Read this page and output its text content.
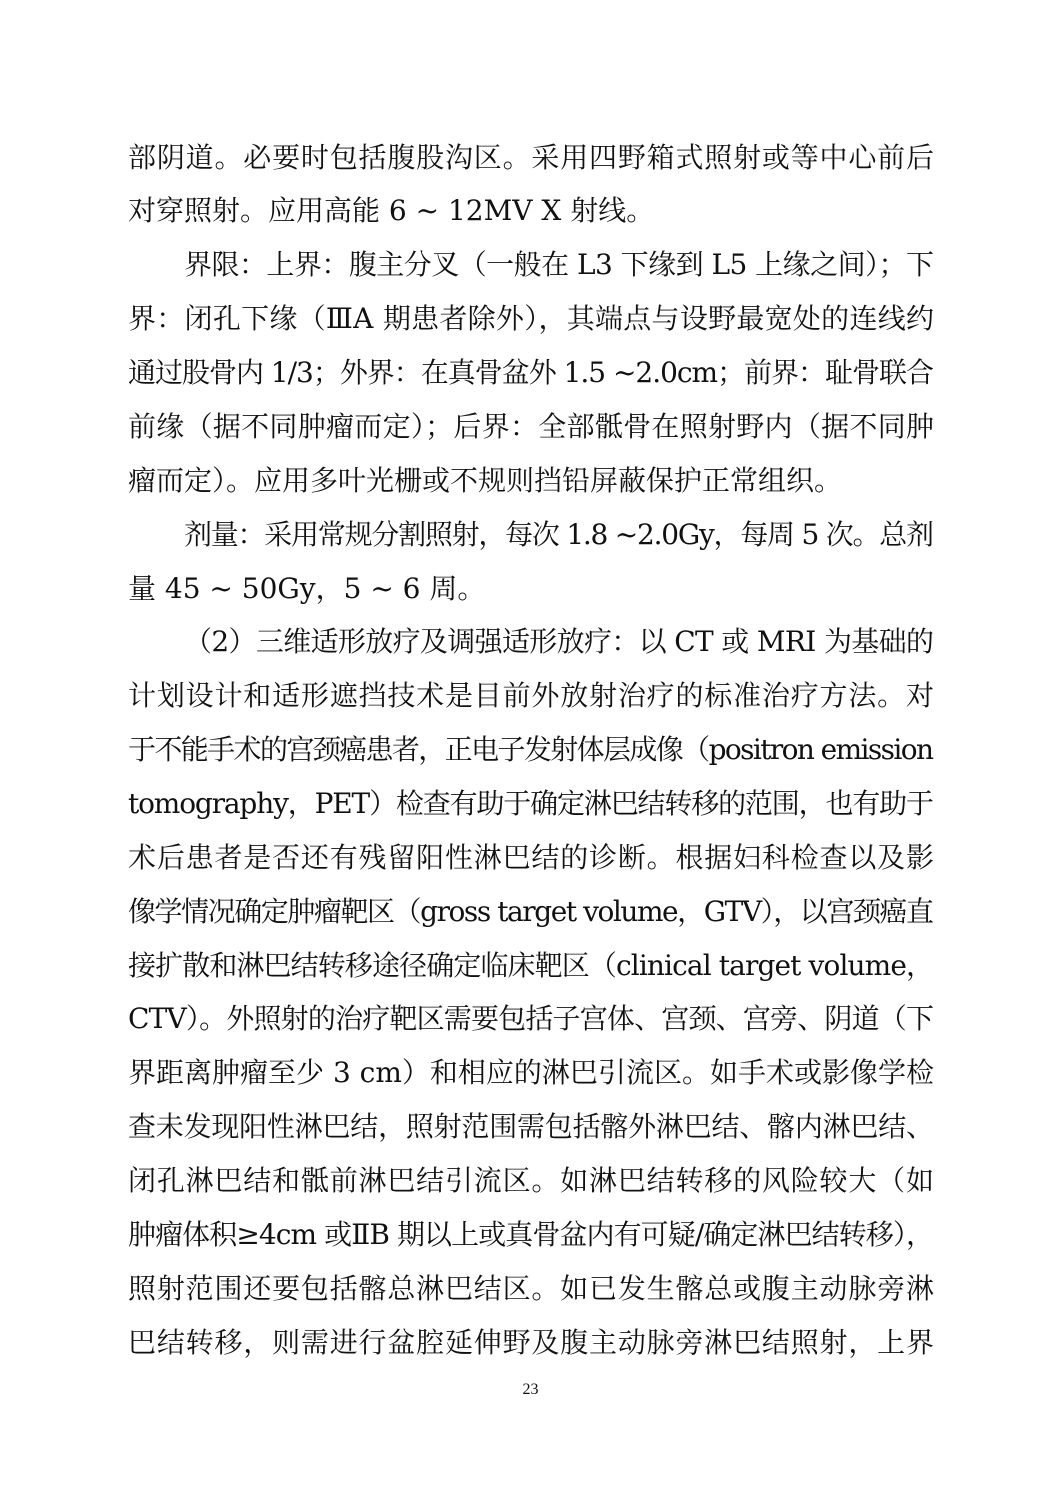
部阴道。必要时包括腹股沟区。采用四野箱式照射或等中心前后
对穿照射。应用高能 6 ~ 12MV X 射线。
界限：上界：腹主分叉（一般在 L3 下缘到 L5 上缘之间）；下
界：闭孔下缘（ⅢA 期患者除外），其端点与设野最宽处的连线约
通过股骨内 1/3；外界：在真骨盆外 1.5 ~2.0cm；前界：耻骨联合
前缘（据不同肿瘤而定）；后界：全部骶骨在照射野内（据不同肿
瘤而定）。应用多叶光栅或不规则挡铅屏蔽保护正常组织。
剂量：采用常规分割照射，每次 1.8 ~2.0Gy，每周 5 次。总剂
量 45 ~ 50Gy，5 ~ 6 周。
（2）三维适形放疗及调强适形放疗：以 CT 或 MRI 为基础的
计划设计和适形遮挡技术是目前外放射治疗的标准治疗方法。对
于不能手术的宫颈癌患者，正电子发射体层成像（positron emission
tomography，PET）检查有助于确定淋巴结转移的范围，也有助于
术后患者是否还有残留阳性淋巴结的诊断。根据妇科检查以及影
像学情况确定肿瘤靶区（gross target volume，GTV），以宫颈癌直
接扩散和淋巴结转移途径确定临床靶区（clinical target volume，
CTV）。外照射的治疗靶区需要包括子宫体、宫颈、宫旁、阴道（下
界距离肿瘤至少 3 cm）和相应的淋巴引流区。如手术或影像学检
查未发现阳性淋巴结，照射范围需包括髂外淋巴结、髂内淋巴结、
闭孔淋巴结和骶前淋巴结引流区。如淋巴结转移的风险较大（如
肿瘤体积≥4cm 或ⅡB 期以上或真骨盆内有可疑/确定淋巴结转移），
照射范围还要包括髂总淋巴结区。如已发生髂总或腹主动脉旁淋
巴结转移，则需进行盆腔延伸野及腹主动脉旁淋巴结照射，上界
23
